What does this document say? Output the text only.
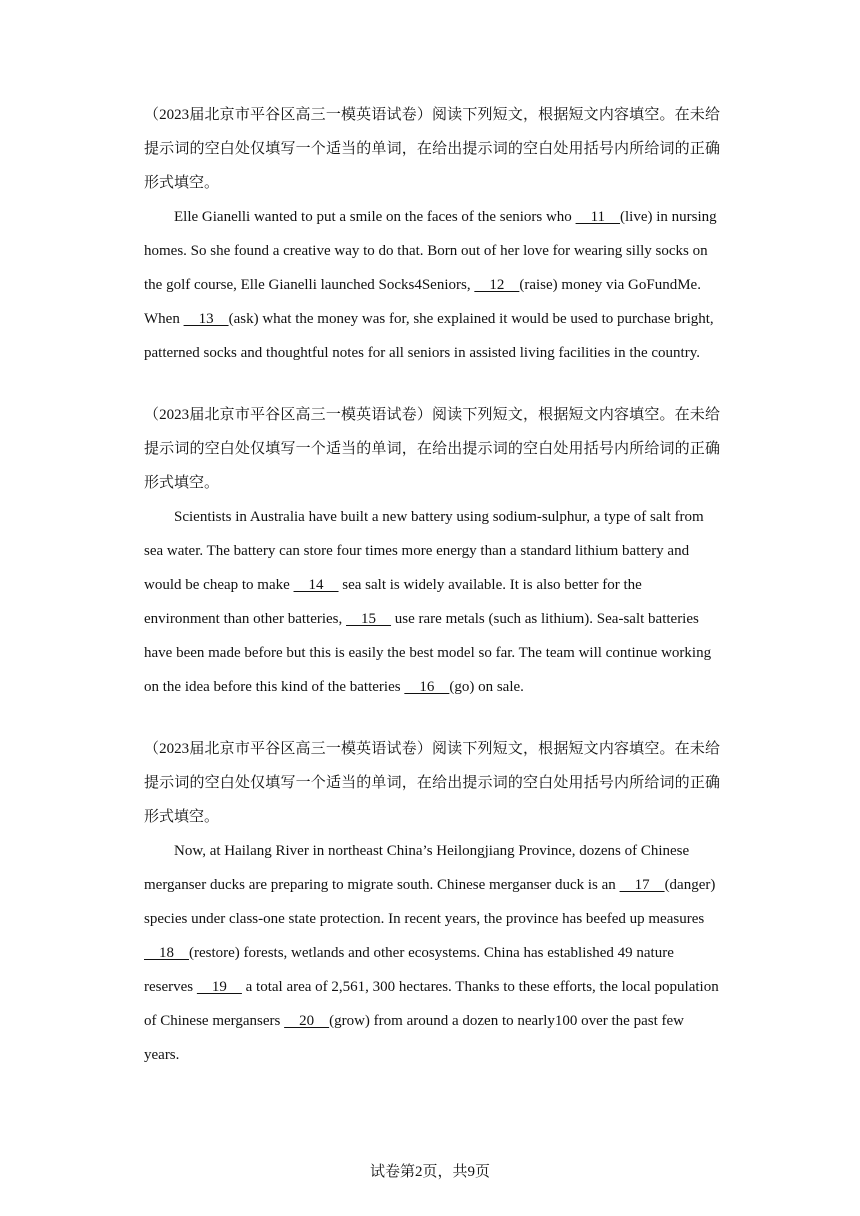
（2023届北京市平谷区高三一模英语试卷）阅读下列短文，根据短文内容填空。在未给提示词的空白处仅填写一个适当的单词，在给出提示词的空白处用括号内所给词的正确形式填空。

Elle Gianelli wanted to put a smile on the faces of the seniors who     11    (live) in nursing homes. So she found a creative way to do that. Born out of her love for wearing silly socks on the golf course, Elle Gianelli launched Socks4Seniors,     12    (raise) money via GoFundMe. When     13    (ask) what the money was for, she explained it would be used to purchase bright, patterned socks and thoughtful notes for all seniors in assisted living facilities in the country.

（2023届北京市平谷区高三一模英语试卷）阅读下列短文，根据短文内容填空。在未给提示词的空白处仅填写一个适当的单词，在给出提示词的空白处用括号内所给词的正确形式填空。

Scientists in Australia have built a new battery using sodium-sulphur, a type of salt from sea water. The battery can store four times more energy than a standard lithium battery and would be cheap to make     14     sea salt is widely available. It is also better for the environment than other batteries,     15     use rare metals (such as lithium). Sea-salt batteries have been made before but this is easily the best model so far. The team will continue working on the idea before this kind of the batteries     16    (go) on sale.

（2023届北京市平谷区高三一模英语试卷）阅读下列短文，根据短文内容填空。在未给提示词的空白处仅填写一个适当的单词，在给出提示词的空白处用括号内所给词的正确形式填空。

Now, at Hailang River in northeast China’s Heilongjiang Province, dozens of Chinese merganser ducks are preparing to migrate south. Chinese merganser duck is an     17    (danger) species under class-one state protection. In recent years, the province has beefed up measures     18    (restore) forests, wetlands and other ecosystems. China has established 49 nature reserves     19     a total area of 2,561, 300 hectares. Thanks to these efforts, the local population of Chinese mergansers     20    (grow) from around a dozen to nearly100 over the past few years.

试卷第2页，共9页
